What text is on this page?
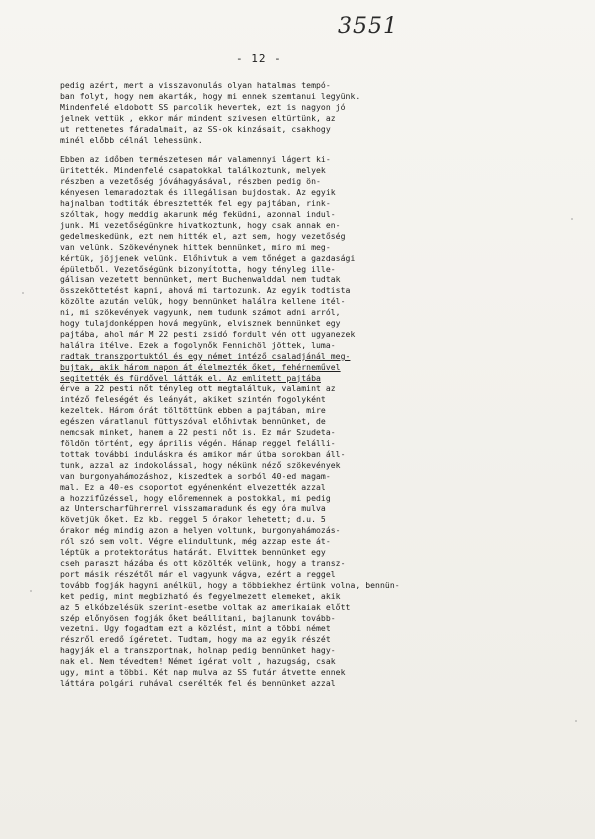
3551
- 12 -

pedig azért, mert a visszavonulás olyan hatalmas tempó-
ban folyt, hogy nem akarták, hogy mi ennek szemtanui legyünk.
Mindenfelé eldobott SS parcolik hevertek, ezt is nagyon jó
jelnek vettük , ekkor már mindent szivesen eltürtünk, az
ut rettenetes fáradalmait, az SS-ok kinzásait, csakhogy
minél előbb célnál lehessünk.

Ebben az időben természetesen már valamennyi lágert ki-
üritették. Mindenfelé csapatokkal találkoztunk, melyek
részben a vezetőség jóváhagyásával, részben pedig ön-
kényesen lemaradoztak és illegálisan bujdostak. Az egyik
hajnalban todtiták ébresztették fel egy pajtában, rink-
szóltak, hogy meddig akarunk még feküdni, azonnal indul-
junk. Mi vezetőségünkre hivatkoztunk, hogy csak annak en-
gedelmeskedünk, ezt nem hitték el, azt sem, hogy vezetőség
van velünk. Szökevénynek hittek bennünket, miro mi meg-
kértük, jöjjenek velünk. Előhivtuk a vem tőnéget a gazdasági
épületből. Vezetőségünk bizonyította, hogy tényleg ille-
gálisan vezetett bennünket, mert Buchenwalddal nem tudtak
összeköttetést kapni, ahová mi tartozunk. Az egyik todtista
közölte azután velük, hogy bennünket halálra kellene itél-
ni, mi szökevények vagyunk, nem tudunk számot adni arról,
hogy tulajdonképpen hová megyünk, elvisznek bennünket egy
pajtába, ahol már M 22 pesti zsidó fordult vén ott ugyanezek
halálra itélve. Ezek a fogolynők Fennichöl jöttek, luma-
radtak transzportuktól és egy német intéző csaladjánál meg-
bujtak, akik három napon át élelmezték őket, fehérneművel
segitették és fürdővel látták el. Az emlitett pajtába
érve a 22 pesti nőt tényleg ott megtaláltuk, valamint az
intéző feleségét és leányát, akiket szintén fogolyként
kezeltek. Három órát töltöttünk ebben a pajtában, mire
egészen váratlanul füttyszóval előhivtak bennünket, de
nemcsak minket, hanem a 22 pesti nőt is. Ez már Szudeta-
földön történt, egy április végén. Hánap reggel felálli-
tottak további induláskra és amikor már útba sorokban áll-
tunk, azzal az indokolással, hogy nékünk néző szökevények
van burgonyahámozáshoz, kiszedtek a sorból 40-ed magam-
mal. Ez a 40-es csoportot egyénenként elvezették azzal
a hozzifűzéssel, hogy előremennek a postokkal, mi pedig
az Unterscharführerrel visszamaradunk és egy óra mulva
követjük őket. Ez kb. reggel 5 órakor lehetett; d.u. 5
órakor még mindig azon a helyen voltunk, burgonyahámozás-
ról szó sem volt. Végre elindultunk, még azzap este át-
léptük a protektorátus határát. Elvittek bennünket egy
cseh paraszt házába és ott közölték velünk, hogy a transz-
port másik részétől már el vagyunk vágva, ezért a reggel
tovább fogják hagyni anélkül, hogy a többiekhez értünk volna, bennün-
ket pedig, mint megbizható és fegyelmezett elemeket, akik
az 5 elkóbzelésük szerint-esetbe voltak az amerikaiak előtt
szép előnyösen fogják őket beállitani, bajlanunk tovább-
vezetni. Ugy fogadtam ezt a közlést, mint a többi német
részről eredő ígéretet. Tudtam, hogy ma az egyik részét
hagyják el a transzportnak, holnap pedig bennünket hagy-
nak el. Nem tévedtem! Német igérat volt , hazugság, csak
ugy, mint a többi. Két nap mulva az SS futár átvette ennek
láttára polgári ruhával cserélték fel és bennünket azzal
